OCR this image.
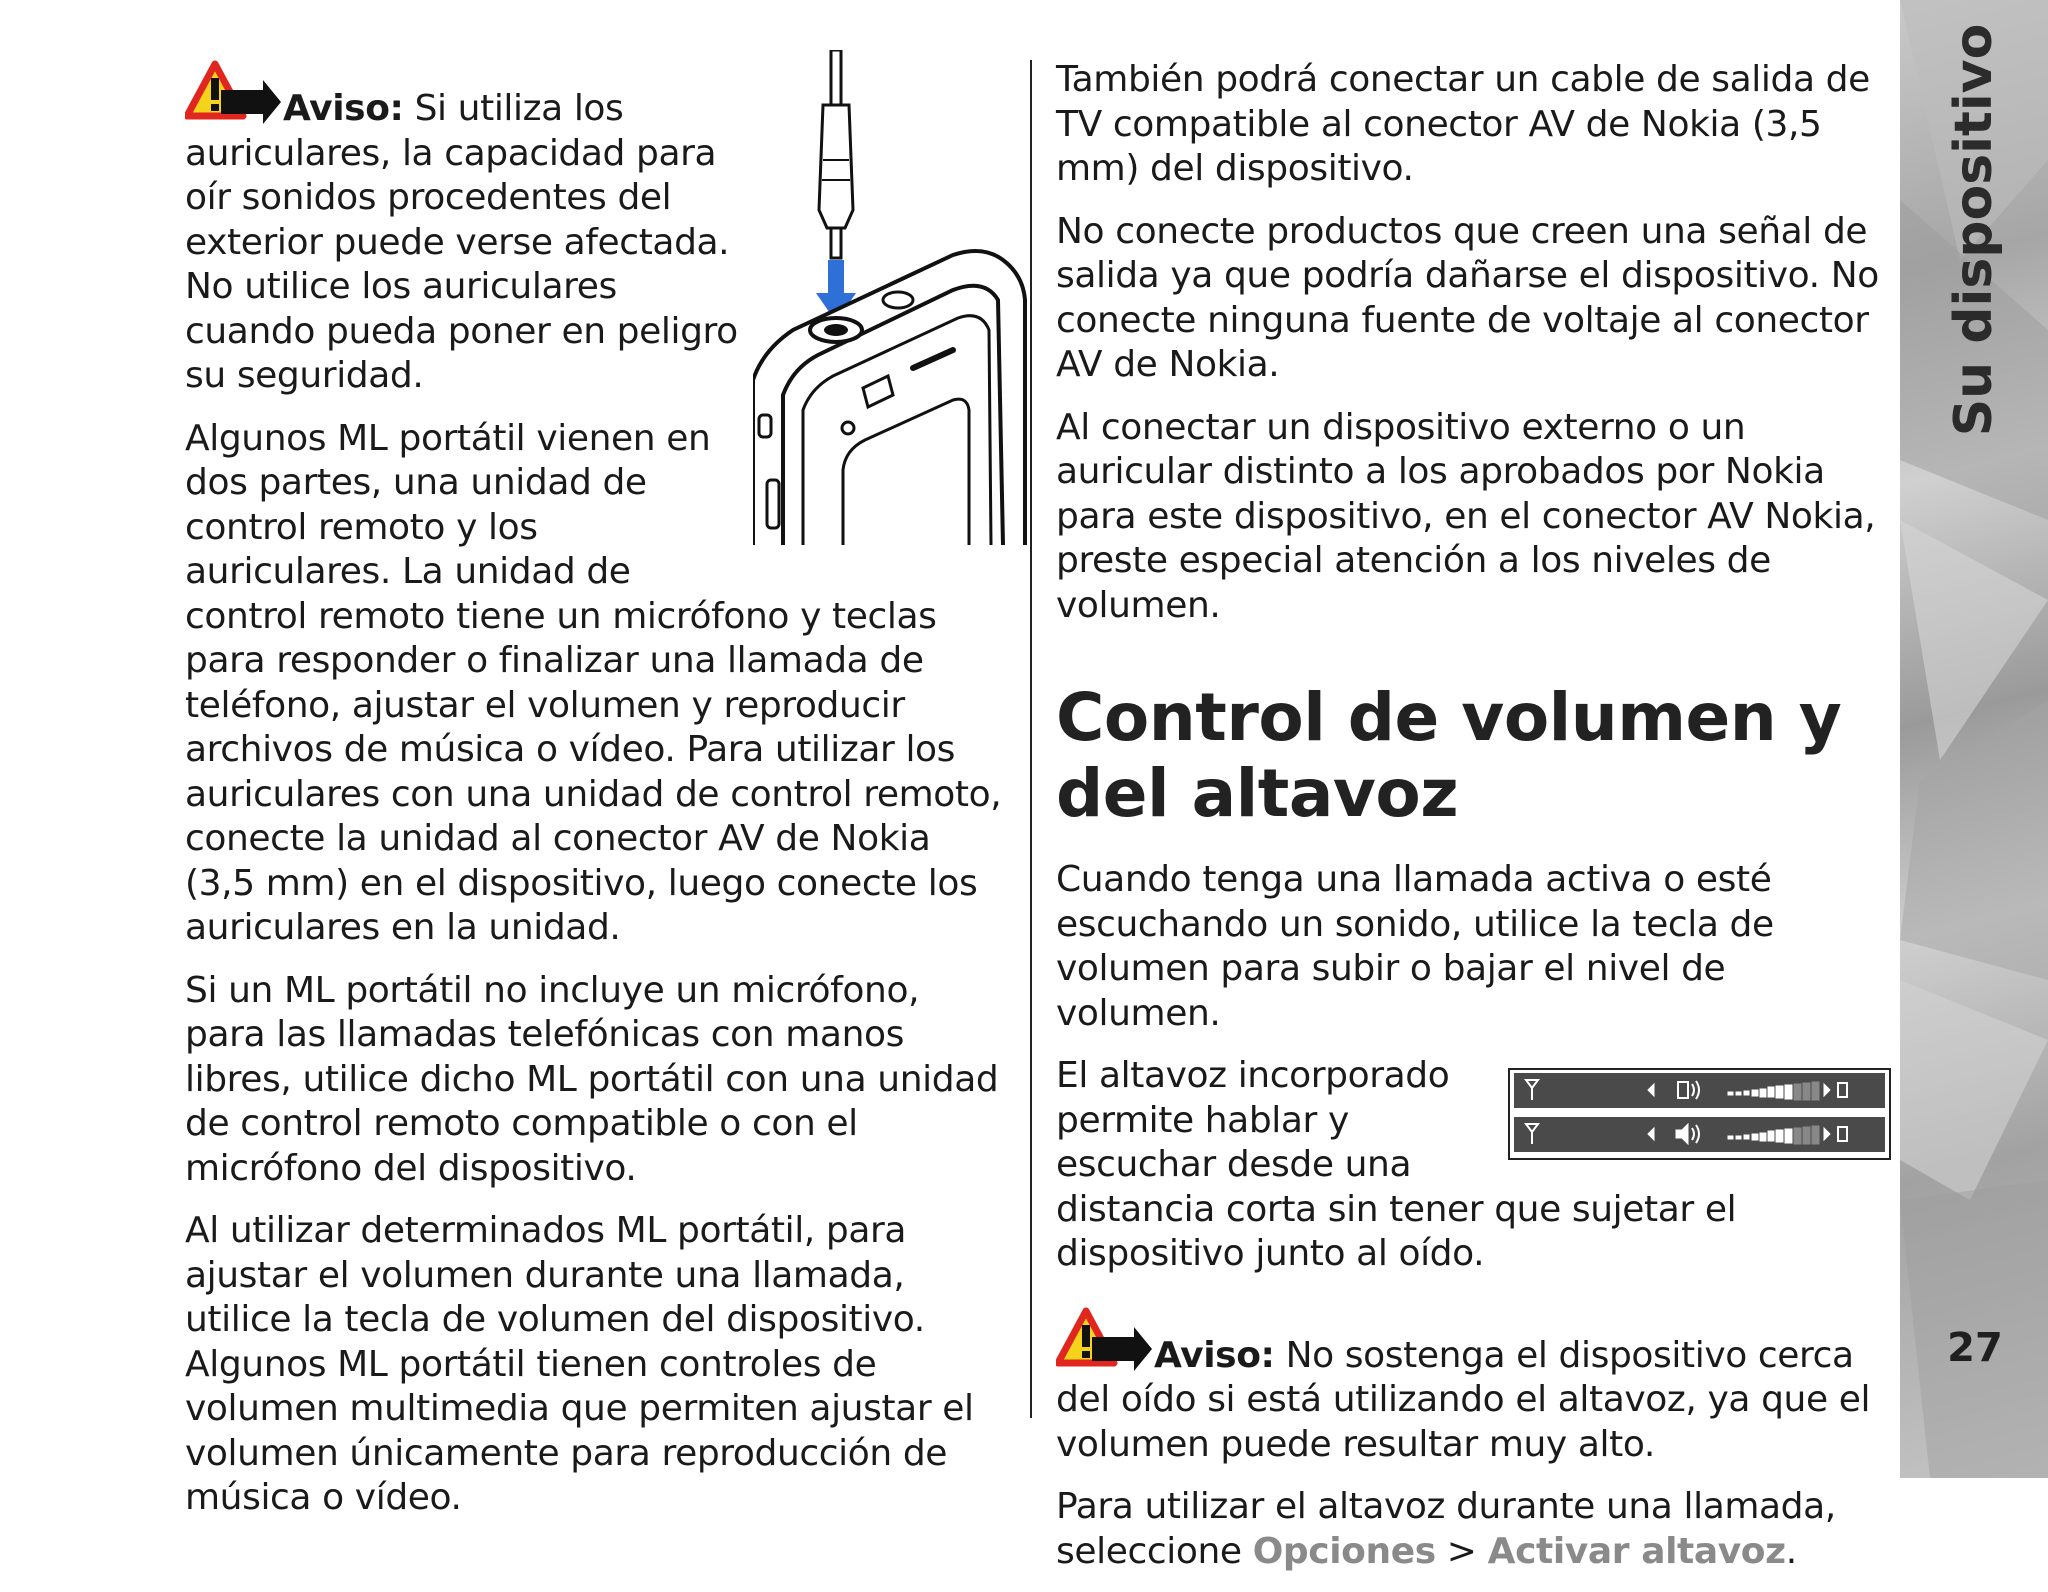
Aviso: Si utiliza los auriculares, la capacidad para oír sonidos procedentes del exterior puede verse afectada. No utilice los auriculares cuando pueda poner en peligro su seguridad.

Algunos ML portátil vienen en dos partes, una unidad de control remoto y los auriculares. La unidad de control remoto tiene un micrófono y teclas para responder o finalizar una llamada de teléfono, ajustar el volumen y reproducir archivos de música o vídeo. Para utilizar los auriculares con una unidad de control remoto, conecte la unidad al conector AV de Nokia (3,5 mm) en el dispositivo, luego conecte los auriculares en la unidad.

Si un ML portátil no incluye un micrófono, para las llamadas telefónicas con manos libres, utilice dicho ML portátil con una unidad de control remoto compatible o con el micrófono del dispositivo.

Al utilizar determinados ML portátil, para ajustar el volumen durante una llamada, utilice la tecla de volumen del dispositivo. Algunos ML portátil tienen controles de volumen multimedia que permiten ajustar el volumen únicamente para reproducción de música o vídeo.

También podrá conectar un cable de salida de TV compatible al conector AV de Nokia (3,5 mm) del dispositivo.

No conecte productos que creen una señal de salida ya que podría dañarse el dispositivo. No conecte ninguna fuente de voltaje al conector AV de Nokia.

Al conectar un dispositivo externo o un auricular distinto a los aprobados por Nokia para este dispositivo, en el conector AV Nokia, preste especial atención a los niveles de volumen.

Control de volumen y del altavoz

Cuando tenga una llamada activa o esté escuchando un sonido, utilice la tecla de volumen para subir o bajar el nivel de volumen.

El altavoz incorporado permite hablar y escuchar desde una distancia corta sin tener que sujetar el dispositivo junto al oído.

Aviso: No sostenga el dispositivo cerca del oído si está utilizando el altavoz, ya que el volumen puede resultar muy alto.

Para utilizar el altavoz durante una llamada, seleccione Opciones > Activar altavoz.

Su dispositivo
27
